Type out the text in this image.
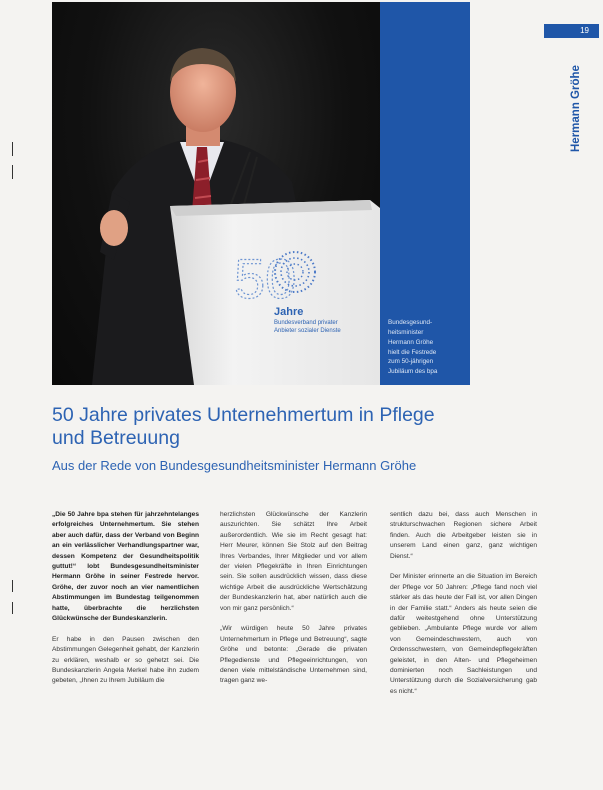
50
Jahre
Bundesverband privater
Anbieter sozialer Dienste
Bundesgesund-
heitsminister
Hermann Gröhe
hielt die Festrede
zum 50-jährigen
Jubiläum des bpa
19
Hermann Gröhe
50 Jahre privates Unternehmertum in Pflege und Betreuung
Aus der Rede von Bundesgesundheitsminister Hermann Gröhe

„Die 50 Jahre bpa stehen für jahrzehntelanges erfolgreiches Unternehmertum. Sie stehen aber auch dafür, dass der Verband von Beginn an ein verlässlicher Verhandlungspartner war, dessen Kompetenz der Gesundheitspolitik guttut!“ lobt Bundesgesundheitsminister Hermann Gröhe in seiner Festrede hervor. Gröhe, der zuvor noch an vier namentlichen Abstimmungen im Bundestag teilgenommen hatte, überbrachte die herzlichsten Glückwünsche der Bundeskanzlerin.

Er habe in den Pausen zwischen den Abstimmungen Gelegenheit gehabt, der Kanzlerin zu erklären, weshalb er so gehetzt sei. Die Bundeskanzlerin Angela Merkel habe ihn zudem gebeten, „Ihnen zu Ihrem Jubiläum die

herzlichsten Glückwünsche der Kanzlerin auszurichten. Sie schätzt Ihre Arbeit außerordentlich. Wie sie im Recht gesagt hat: Herr Meurer, können Sie Stolz auf den Beitrag Ihres Verbandes, Ihrer Mitglieder und vor allem der vielen Pflegekräfte in Ihren Einrichtungen sein. Sie sollen ausdrücklich wissen, dass diese wichtige Arbeit die ausdrückliche Wertschätzung der Bundeskanzlerin hat, aber natürlich auch die von mir ganz persönlich.“

„Wir würdigen heute 50 Jahre privates Unternehmertum in Pflege und Betreuung“, sagte Gröhe und betonte: „Gerade die privaten Pflegedienste und Pflegeeinrichtungen, von denen viele mittelständische Unternehmen sind, tragen ganz we-

sentlich dazu bei, dass auch Menschen in strukturschwachen Regionen sichere Arbeit finden. Auch die Arbeitgeber leisten sie in unserem Land einen ganz, ganz wichtigen Dienst.“

Der Minister erinnerte an die Situation im Bereich der Pflege vor 50 Jahren: „Pflege fand noch viel stärker als das heute der Fall ist, vor allen Dingen in der Familie statt.“ Anders als heute seien die dafür weitestgehend ohne Unterstützung geblieben. „Ambulante Pflege wurde vor allem von Gemeindeschwestern, auch von Ordensschwestern, von Gemeindepflegekräften geleistet, in den Alten- und Pflegeheimen dominierten noch Sachleistungen und Unterstützung durch die Sozialversicherung gab es nicht.“
